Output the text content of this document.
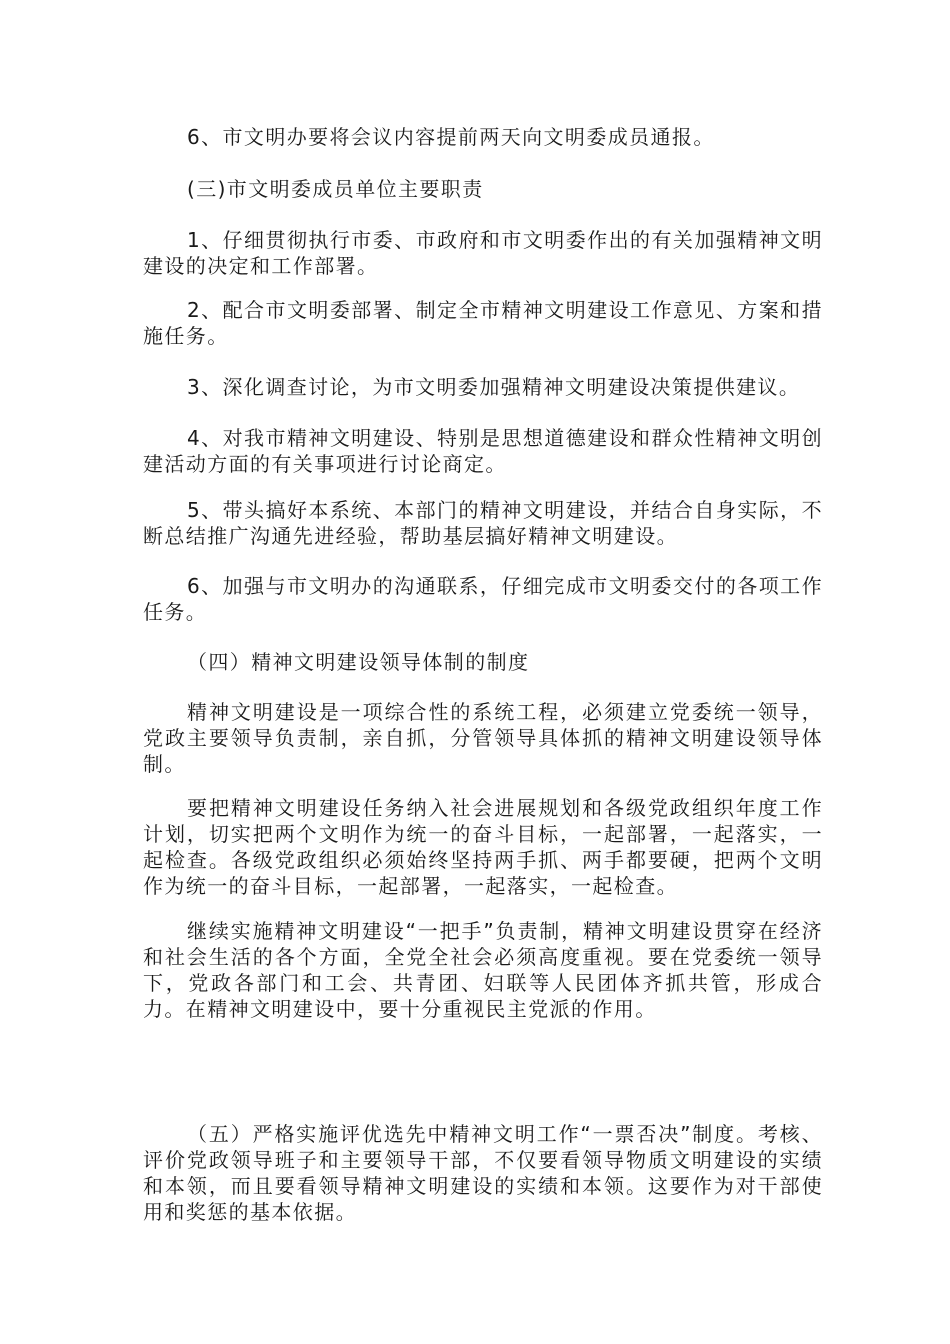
6、市文明办要将会议内容提前两天向文明委成员通报。

(三)市文明委成员单位主要职责

1、仔细贯彻执行市委、市政府和市文明委作出的有关加强精神文明建设的决定和工作部署。

2、配合市文明委部署、制定全市精神文明建设工作意见、方案和措施任务。

3、深化调查讨论，为市文明委加强精神文明建设决策提供建议。

4、对我市精神文明建设、特别是思想道德建设和群众性精神文明创建活动方面的有关事项进行讨论商定。

5、带头搞好本系统、本部门的精神文明建设，并结合自身实际，不断总结推广沟通先进经验，帮助基层搞好精神文明建设。

6、加强与市文明办的沟通联系，仔细完成市文明委交付的各项工作任务。

（四）精神文明建设领导体制的制度

精神文明建设是一项综合性的系统工程，必须建立党委统一领导，党政主要领导负责制，亲自抓，分管领导具体抓的精神文明建设领导体制。

要把精神文明建设任务纳入社会进展规划和各级党政组织年度工作计划，切实把两个文明作为统一的奋斗目标，一起部署，一起落实，一起检查。各级党政组织必须始终坚持两手抓、两手都要硬，把两个文明作为统一的奋斗目标，一起部署，一起落实，一起检查。

继续实施精神文明建设“一把手”负责制，精神文明建设贯穿在经济和社会生活的各个方面，全党全社会必须高度重视。要在党委统一领导下，党政各部门和工会、共青团、妇联等人民团体齐抓共管，形成合力。在精神文明建设中，要十分重视民主党派的作用。

（五）严格实施评优选先中精神文明工作“一票否决”制度。考核、评价党政领导班子和主要领导干部，不仅要看领导物质文明建设的实绩和本领，而且要看领导精神文明建设的实绩和本领。这要作为对干部使用和奖惩的基本依据。
